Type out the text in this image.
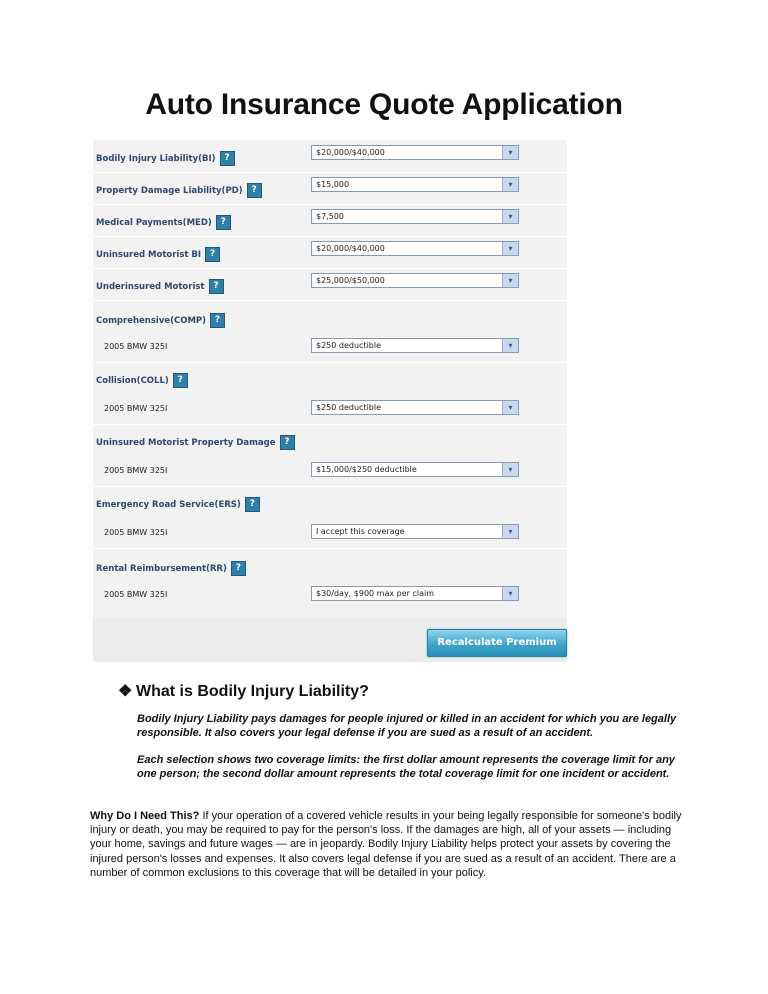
Auto Insurance Quote Application
Bodily Injury Liability(BI) ?
$20,000/$40,000	▾
Property Damage Liability(PD) ?
$15,000	▾
Medical Payments(MED) ?
$7,500	▾
Uninsured Motorist BI ?
$20,000/$40,000	▾
Underinsured Motorist ?
$25,000/$50,000	▾
Comprehensive(COMP) ?
2005 BMW 325I	$250 deductible	▾
Collision(COLL) ?
2005 BMW 325I	$250 deductible	▾
Uninsured Motorist Property Damage ?
2005 BMW 325I	$15,000/$250 deductible	▾
Emergency Road Service(ERS) ?
2005 BMW 325I	I accept this coverage	▾
Rental Reimbursement(RR) ?
2005 BMW 325I	$30/day, $900 max per claim	▾
Recalculate Premium
❖ What is Bodily Injury Liability?
Bodily Injury Liability pays damages for people injured or killed in an accident for which you are legally responsible. It also covers your legal defense if you are sued as a result of an accident.
Each selection shows two coverage limits: the first dollar amount represents the coverage limit for any one person; the second dollar amount represents the total coverage limit for one incident or accident.
Why Do I Need This? If your operation of a covered vehicle results in your being legally responsible for someone's bodily injury or death, you may be required to pay for the person's loss. If the damages are high, all of your assets — including your home, savings and future wages — are in jeopardy. Bodily Injury Liability helps protect your assets by covering the injured person's losses and expenses. It also covers legal defense if you are sued as a result of an accident. There are a number of common exclusions to this coverage that will be detailed in your policy.
